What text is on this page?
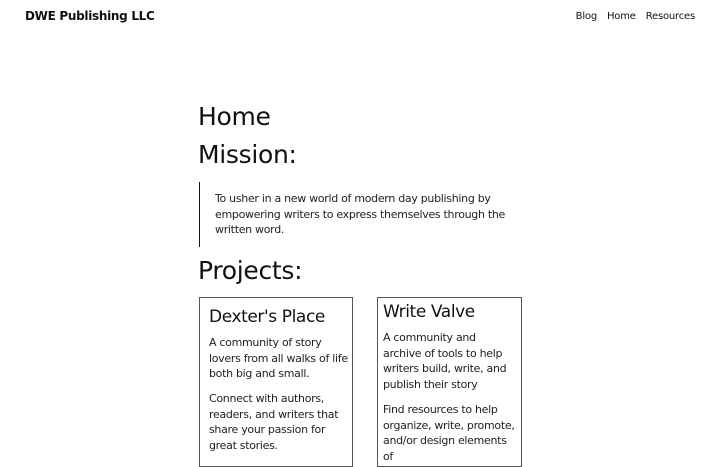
DWE Publishing LLC	Blog Home Resources
Home
Mission:

To usher in a new world of modern day publishing by empowering writers to express themselves through the written word.

Projects:
Dexter's Place

A community of story lovers from all walks of life both big and small.

Connect with authors, readers, and writers that share your passion for great stories.

Write Valve

A community and archive of tools to help writers build, write, and publish their story

Find resources to help organize, write, promote, and/or design elements of
